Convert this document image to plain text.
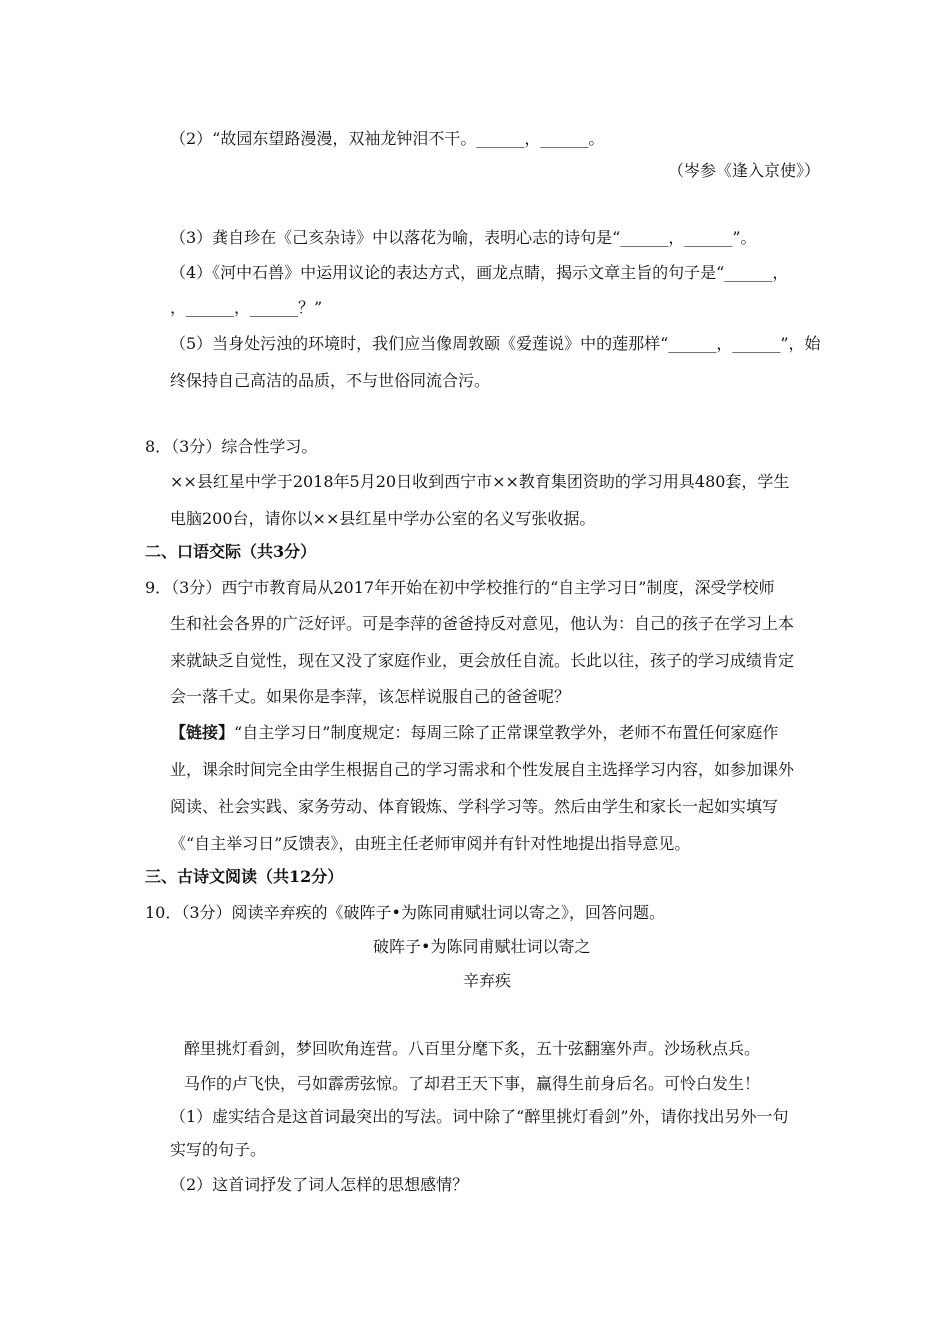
（2）“故园东望路漫漫，双袖龙钟泪不干。______，______。
（岑参《逢入京使》）
（3）龚自珍在《己亥杂诗》中以落花为喻，表明心志的诗句是“______，______”。
（4）《河中石兽》中运用议论的表达方式，画龙点睛，揭示文章主旨的句子是“______，
，______，______？”
（5）当身处污浊的环境时，我们应当像周敦颐《爱莲说》中的莲那样“______，______”，始
终保持自己高洁的品质，不与世俗同流合污。
8．（3分）综合性学习。
××县红星中学于2018年5月20日收到西宁市××教育集团资助的学习用具480套，学生
电脑200台，请你以××县红星中学办公室的名义写张收据。
二、口语交际（共3分）
9．（3分）西宁市教育局从2017年开始在初中学校推行的“自主学习日”制度，深受学校师
生和社会各界的广泛好评。可是李萍的爸爸持反对意见，他认为：自己的孩子在学习上本
来就缺乏自觉性，现在又没了家庭作业，更会放任自流。长此以往，孩子的学习成绩肯定
会一落千丈。如果你是李萍，该怎样说服自己的爸爸呢？
【链接】“自主学习日”制度规定：每周三除了正常课堂教学外，老师不布置任何家庭作
业，课余时间完全由学生根据自己的学习需求和个性发展自主选择学习内容，如参加课外
阅读、社会实践、家务劳动、体育锻炼、学科学习等。然后由学生和家长一起如实填写
《“自主举习日”反馈表》，由班主任老师审阅并有针对性地提出指导意见。
三、古诗文阅读（共12分）
10．（3分）阅读辛弃疾的《破阵子•为陈同甫赋壮词以寄之》，回答问题。
破阵子•为陈同甫赋壮词以寄之
辛弃疾
醉里挑灯看剑，梦回吹角连营。八百里分麾下炙，五十弦翻塞外声。沙场秋点兵。
马作的卢飞快，弓如霹雳弦惊。了却君王天下事，赢得生前身后名。可怜白发生！
（1）虚实结合是这首词最突出的写法。词中除了“醉里挑灯看剑”外，请你找出另外一句
实写的句子。
（2）这首词抒发了词人怎样的思想感情？
